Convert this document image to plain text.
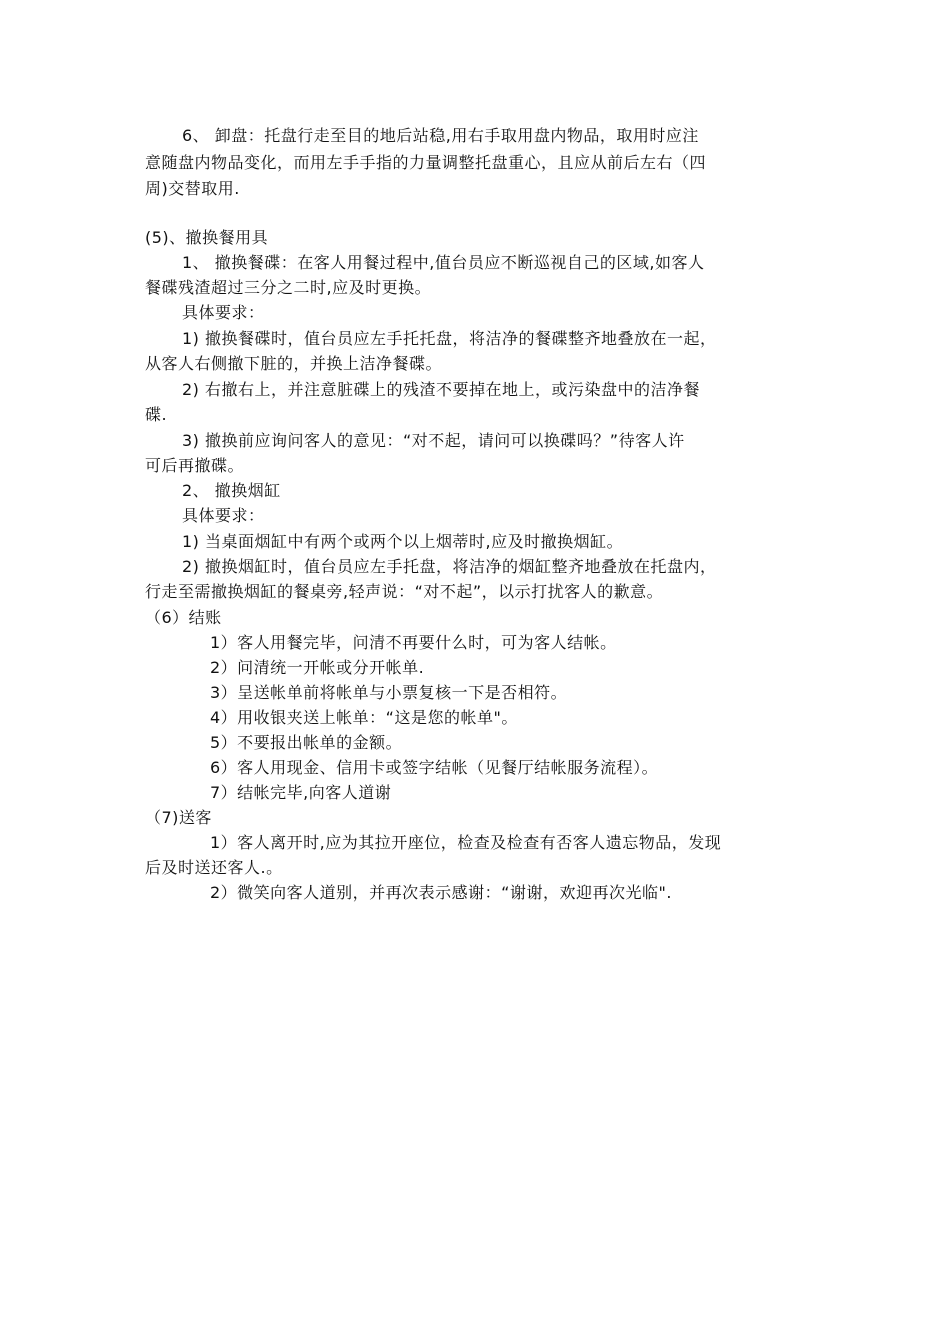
6、 卸盘：托盘行走至目的地后站稳,用右手取用盘内物品，取用时应注
意随盘内物品变化，而用左手手指的力量调整托盘重心，且应从前后左右（四
周)交替取用.
(5)、撤换餐用具
1、 撤换餐碟：在客人用餐过程中,值台员应不断巡视自己的区域,如客人
餐碟残渣超过三分之二时,应及时更换。
具体要求：
1) 撤换餐碟时，值台员应左手托托盘，将洁净的餐碟整齐地叠放在一起，
从客人右侧撤下脏的，并换上洁净餐碟。
2) 右撤右上，并注意脏碟上的残渣不要掉在地上，或污染盘中的洁净餐
碟.
3) 撤换前应询问客人的意见：“对不起，请问可以换碟吗？”待客人许
可后再撤碟。
2、 撤换烟缸
具体要求：
1) 当桌面烟缸中有两个或两个以上烟蒂时,应及时撤换烟缸。
2) 撤换烟缸时，值台员应左手托盘，将洁净的烟缸整齐地叠放在托盘内，
行走至需撤换烟缸的餐桌旁,轻声说：“对不起”，以示打扰客人的歉意。
（6）结账
1）客人用餐完毕，问清不再要什么时，可为客人结帐。
2）问清统一开帐或分开帐单.
3）呈送帐单前将帐单与小票复核一下是否相符。
4）用收银夹送上帐单：“这是您的帐单"。
5）不要报出帐单的金额。
6）客人用现金、信用卡或签字结帐（见餐厅结帐服务流程）。
7）结帐完毕,向客人道谢
（7)送客
1）客人离开时,应为其拉开座位，检查及检查有否客人遗忘物品，发现
后及时送还客人.。
2）微笑向客人道别，并再次表示感谢：“谢谢，欢迎再次光临".
